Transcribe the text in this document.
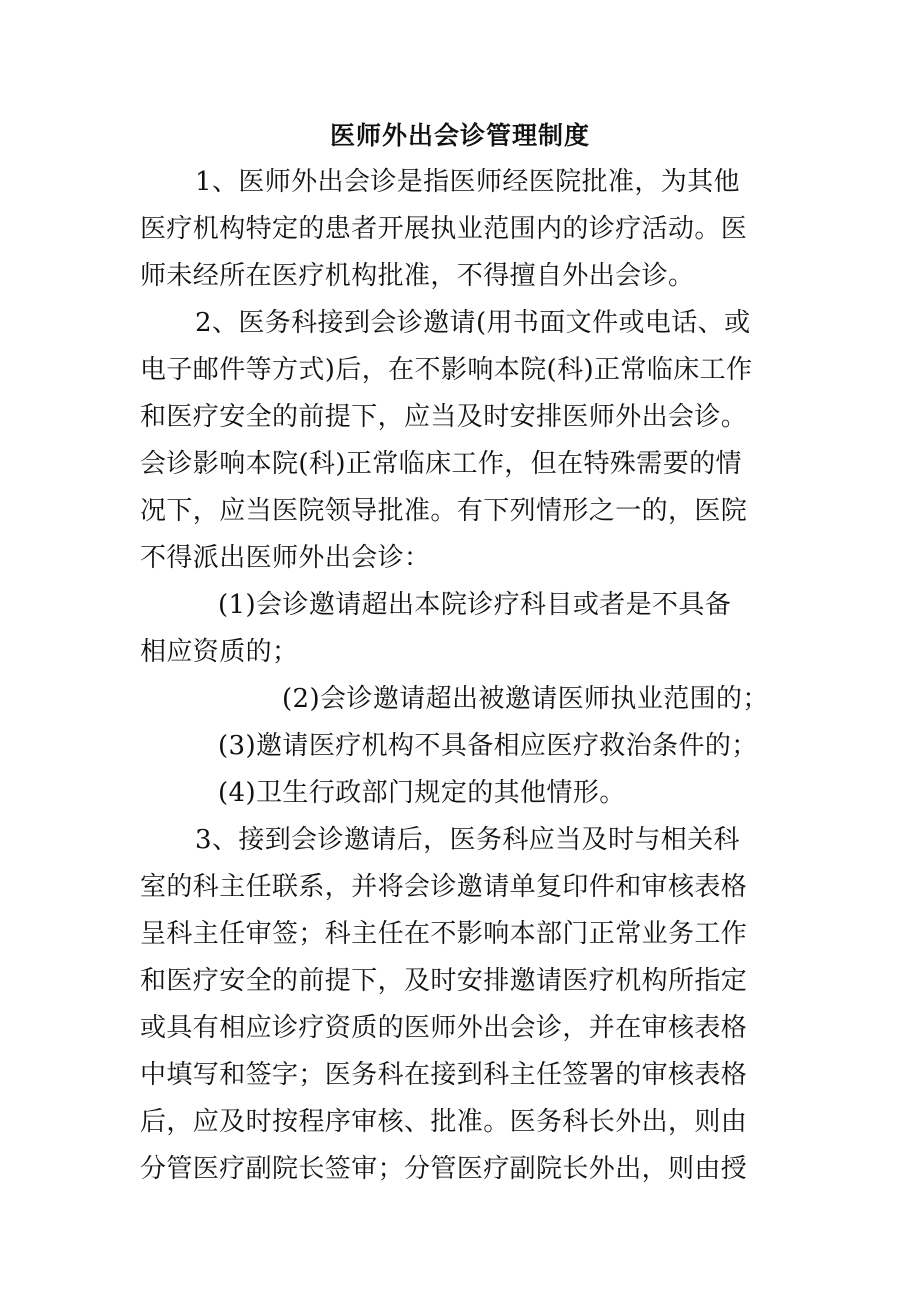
医师外出会诊管理制度
1、医师外出会诊是指医师经医院批准，为其他
医疗机构特定的患者开展执业范围内的诊疗活动。医
师未经所在医疗机构批准，不得擅自外出会诊。
2、医务科接到会诊邀请(用书面文件或电话、或
电子邮件等方式)后，在不影响本院(科)正常临床工作
和医疗安全的前提下，应当及时安排医师外出会诊。
会诊影响本院(科)正常临床工作，但在特殊需要的情
况下，应当医院领导批准。有下列情形之一的，医院
不得派出医师外出会诊：
(1)会诊邀请超出本院诊疗科目或者是不具备
相应资质的；
(2)会诊邀请超出被邀请医师执业范围的；
(3)邀请医疗机构不具备相应医疗救治条件的；
(4)卫生行政部门规定的其他情形。
3、接到会诊邀请后，医务科应当及时与相关科
室的科主任联系，并将会诊邀请单复印件和审核表格
呈科主任审签；科主任在不影响本部门正常业务工作
和医疗安全的前提下，及时安排邀请医疗机构所指定
或具有相应诊疗资质的医师外出会诊，并在审核表格
中填写和签字；医务科在接到科主任签署的审核表格
后，应及时按程序审核、批准。医务科长外出，则由
分管医疗副院长签审；分管医疗副院长外出，则由授
